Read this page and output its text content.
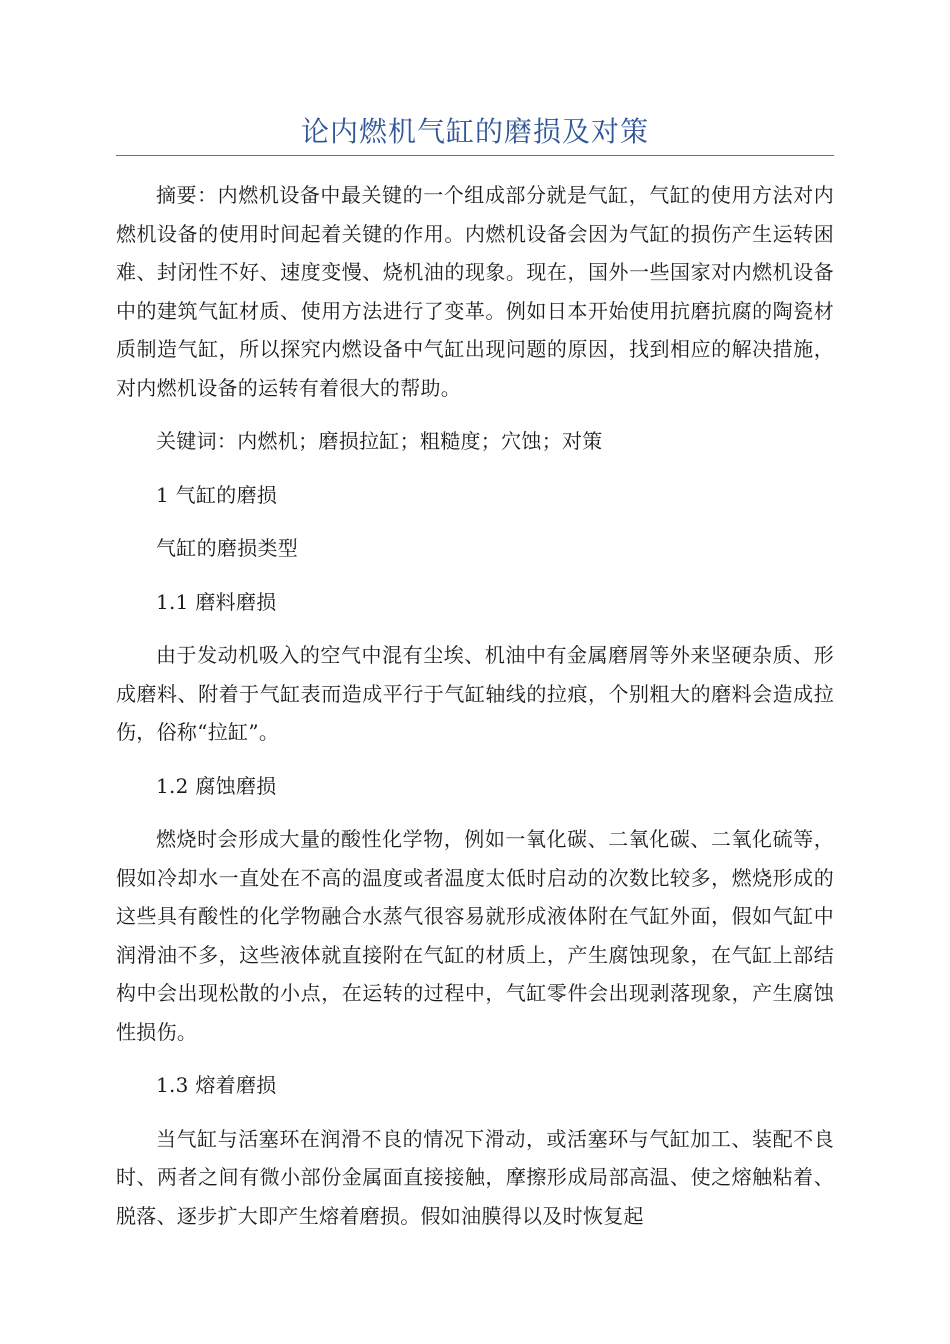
论内燃机气缸的磨损及对策

摘要：内燃机设备中最关键的一个组成部分就是气缸，气缸的使用方法对内燃机设备的使用时间起着关键的作用。内燃机设备会因为气缸的损伤产生运转困难、封闭性不好、速度变慢、烧机油的现象。现在，国外一些国家对内燃机设备中的建筑气缸材质、使用方法进行了变革。例如日本开始使用抗磨抗腐的陶瓷材质制造气缸，所以探究内燃设备中气缸出现问题的原因，找到相应的解决措施，对内燃机设备的运转有着很大的帮助。

关键词：内燃机；磨损拉缸；粗糙度；穴蚀；对策

1 气缸的磨损

气缸的磨损类型

1.1 磨料磨损

由于发动机吸入的空气中混有尘埃、机油中有金属磨屑等外来坚硬杂质、形成磨料、附着于气缸表而造成平行于气缸轴线的拉痕，个别粗大的磨料会造成拉伤，俗称“拉缸”。

1.2 腐蚀磨损

燃烧时会形成大量的酸性化学物，例如一氧化碳、二氧化碳、二氧化硫等，假如冷却水一直处在不高的温度或者温度太低时启动的次数比较多，燃烧形成的这些具有酸性的化学物融合水蒸气很容易就形成液体附在气缸外面，假如气缸中润滑油不多，这些液体就直接附在气缸的材质上，产生腐蚀现象，在气缸上部结构中会出现松散的小点，在运转的过程中，气缸零件会出现剥落现象，产生腐蚀性损伤。

1.3 熔着磨损

当气缸与活塞环在润滑不良的情况下滑动，或活塞环与气缸加工、装配不良时、两者之间有微小部份金属面直接接触，摩擦形成局部高温、使之熔触粘着、脱落、逐步扩大即产生熔着磨损。假如油膜得以及时恢复起
